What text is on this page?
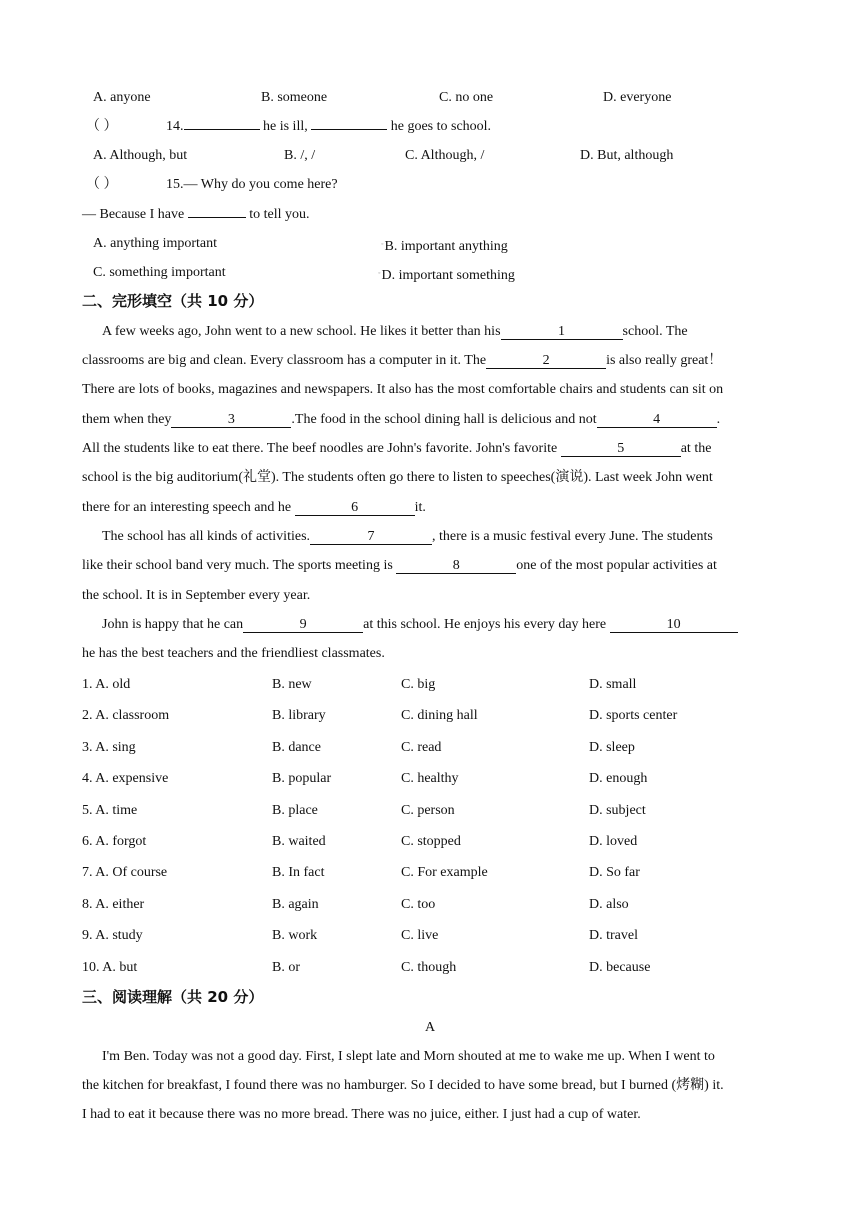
A. anyone	B. someone	C. no one	D. everyone
（ ）	14.	he is ill,	he goes to school.
A. Although, but	B. /, /	C. Although, /	D. But, although
（ ）	15.— Why do you come here?
— Because I have	to tell you.
A. anything important	◦B. important anything
C. something important	◦D. important something
二、完形填空（共 10 分）
A few weeks ago, John went to a new school. He likes it better than his	1	school. The
classrooms are big and clean. Every classroom has a computer in it. The	2	is also really great！
There are lots of books, magazines and newspapers. It also has the most comfortable chairs and students can sit on
them when they	3	.The food in the school dining hall is delicious and not	4	.
All the students like to eat there. The beef noodles are John's favorite. John's favorite	5	at the
school is the big auditorium(礼堂). The students often go there to listen to speeches(演说). Last week John went
there for an interesting speech and he	6	it.
The school has all kinds of activities.	7	, there is a music festival every June. The students
like their school band very much. The sports meeting is	8	one of the most popular activities at
the school. It is in September every year.
John is happy that he can	9	at this school. He enjoys his every day here	10
he has the best teachers and the friendliest classmates.
1. A. old	B. new	C. big	D. small
2. A. classroom	B. library	C. dining hall	D. sports center
3. A. sing	B. dance	C. read	D. sleep
4. A. expensive	B. popular	C. healthy	D. enough
5. A. time	B. place	C. person	D. subject
6. A. forgot	B. waited	C. stopped	D. loved
7. A. Of course	B. In fact	C. For example	D. So far
8. A. either	B. again	C. too	D. also
9. A. study	B. work	C. live	D. travel
10. A. but	B. or	C. though	D. because
三、阅读理解（共 20 分）
A
I'm Ben. Today was not a good day. First, I slept late and Morn shouted at me to wake me up. When I went to
the kitchen for breakfast, I found there was no hamburger. So I decided to have some bread, but I burned (烤糊) it.
I had to eat it because there was no more bread. There was no juice, either. I just had a cup of water.
